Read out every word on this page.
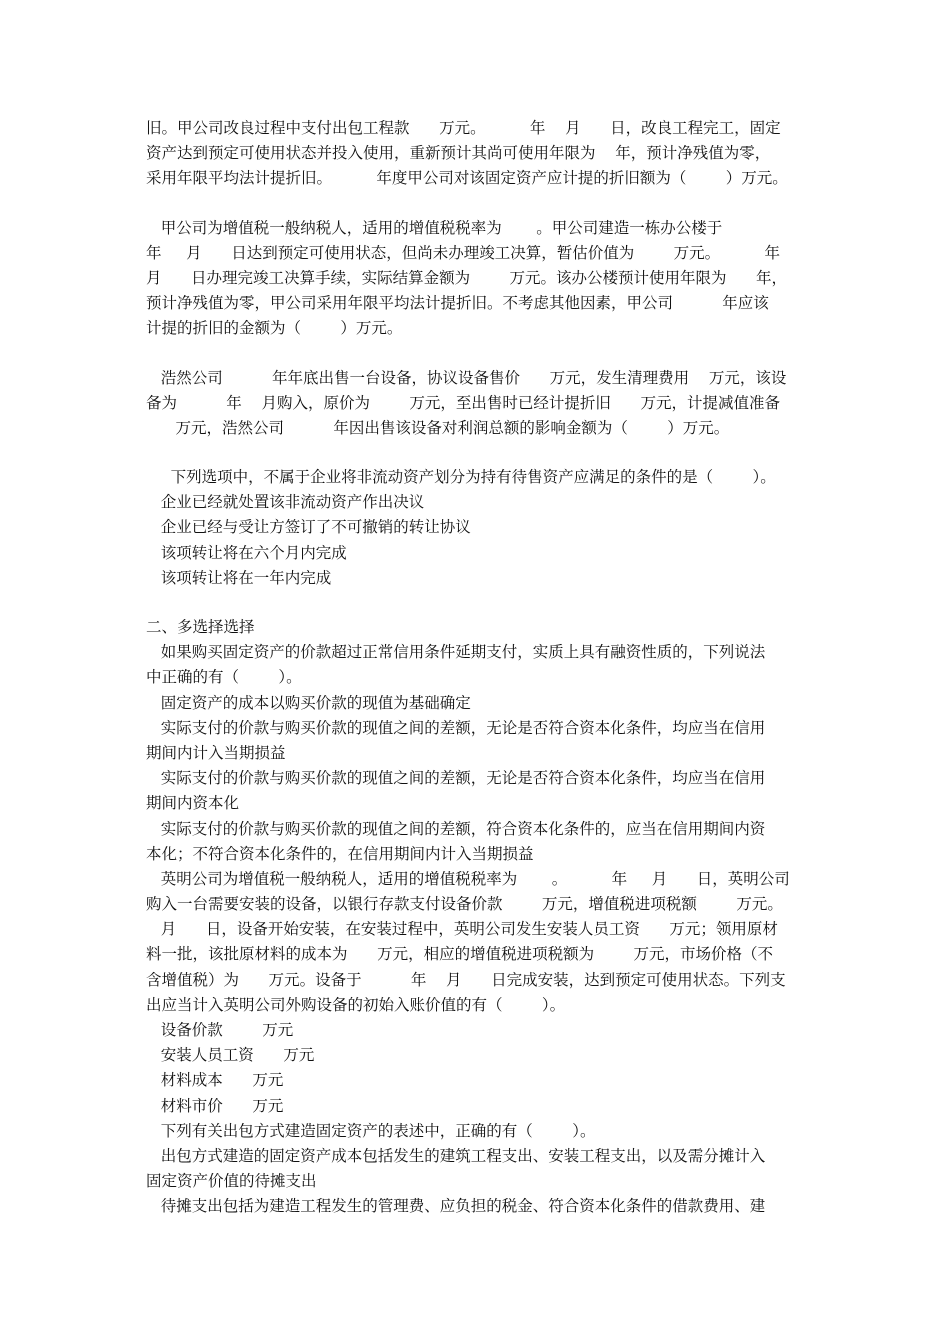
旧。甲公司改良过程中支付出包工程款      万元。         年    月      日，改良工程完工，固定
资产达到预定可使用状态并投入使用，重新预计其尚可使用年限为    年，预计净残值为零，
采用年限平均法计提折旧。         年度甲公司对该固定资产应计提的折旧额为（        ）万元。
甲公司为增值税一般纳税人，适用的增值税税率为       。甲公司建造一栋办公楼于
年     月      日达到预定可使用状态，但尚未办理竣工决算，暂估价值为        万元。         年
月      日办理完竣工决算手续，实际结算金额为        万元。该办公楼预计使用年限为      年，
预计净残值为零，甲公司采用年限平均法计提折旧。不考虑其他因素，甲公司          年应该
计提的折旧的金额为（        ）万元。
浩然公司          年年底出售一台设备，协议设备售价      万元，发生清理费用    万元，该设
备为          年    月购入，原价为        万元，至出售时已经计提折旧      万元，计提减值准备
万元，浩然公司          年因出售该设备对利润总额的影响金额为（        ）万元。
下列选项中，不属于企业将非流动资产划分为持有待售资产应满足的条件的是（        ）。
企业已经就处置该非流动资产作出决议
企业已经与受让方签订了不可撤销的转让协议
该项转让将在六个月内完成
该项转让将在一年内完成
二、多选择选择
如果购买固定资产的价款超过正常信用条件延期支付，实质上具有融资性质的，下列说法
中正确的有（        ）。
固定资产的成本以购买价款的现值为基础确定
实际支付的价款与购买价款的现值之间的差额，无论是否符合资本化条件，均应当在信用
期间内计入当期损益
实际支付的价款与购买价款的现值之间的差额，无论是否符合资本化条件，均应当在信用
期间内资本化
实际支付的价款与购买价款的现值之间的差额，符合资本化条件的，应当在信用期间内资
本化；不符合资本化条件的，在信用期间内计入当期损益
英明公司为增值税一般纳税人，适用的增值税税率为       。         年     月      日，英明公司
购入一台需要安装的设备，以银行存款支付设备价款        万元，增值税进项税额        万元。
月      日，设备开始安装，在安装过程中，英明公司发生安装人员工资      万元；领用原材
料一批，该批原材料的成本为      万元，相应的增值税进项税额为        万元，市场价格（不
含增值税）为      万元。设备于          年    月      日完成安装，达到预定可使用状态。下列支
出应当计入英明公司外购设备的初始入账价值的有（        ）。
设备价款        万元
安装人员工资      万元
材料成本      万元
材料市价      万元
下列有关出包方式建造固定资产的表述中，正确的有（        ）。
出包方式建造的固定资产成本包括发生的建筑工程支出、安装工程支出，以及需分摊计入
固定资产价值的待摊支出
待摊支出包括为建造工程发生的管理费、应负担的税金、符合资本化条件的借款费用、建
